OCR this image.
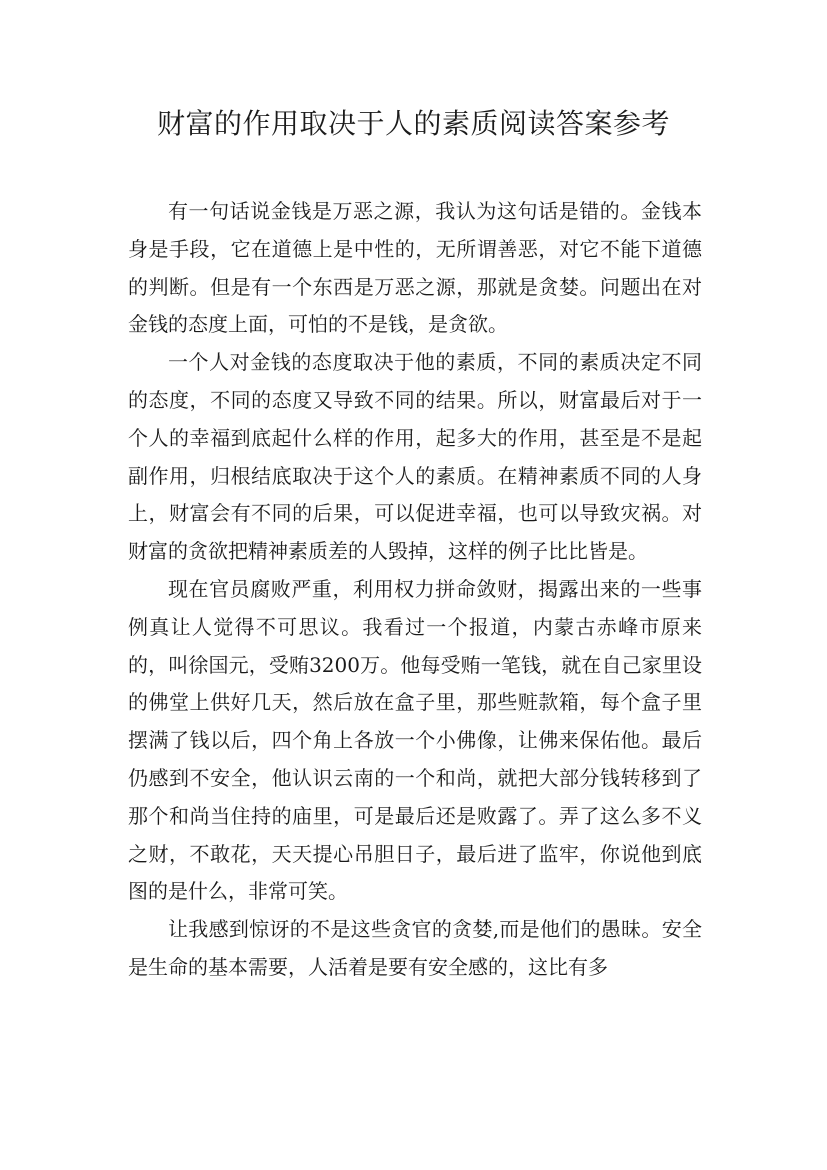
财富的作用取决于人的素质阅读答案参考

有一句话说金钱是万恶之源，我认为这句话是错的。金钱本身是手段，它在道德上是中性的，无所谓善恶，对它不能下道德的判断。但是有一个东西是万恶之源，那就是贪婪。问题出在对金钱的态度上面，可怕的不是钱，是贪欲。

一个人对金钱的态度取决于他的素质，不同的素质决定不同的态度，不同的态度又导致不同的结果。所以，财富最后对于一个人的幸福到底起什么样的作用，起多大的作用，甚至是不是起副作用，归根结底取决于这个人的素质。在精神素质不同的人身上，财富会有不同的后果，可以促进幸福，也可以导致灾祸。对财富的贪欲把精神素质差的人毁掉，这样的例子比比皆是。

现在官员腐败严重，利用权力拼命敛财，揭露出来的一些事例真让人觉得不可思议。我看过一个报道，内蒙古赤峰市原来的，叫徐国元，受贿3200万。他每受贿一笔钱，就在自己家里设的佛堂上供好几天，然后放在盒子里，那些赃款箱，每个盒子里摆满了钱以后，四个角上各放一个小佛像，让佛来保佑他。最后仍感到不安全，他认识云南的一个和尚，就把大部分钱转移到了那个和尚当住持的庙里，可是最后还是败露了。弄了这么多不义之财，不敢花，天天提心吊胆日子，最后进了监牢，你说他到底图的是什么，非常可笑。

让我感到惊讶的不是这些贪官的贪婪,而是他们的愚昧。安全是生命的基本需要，人活着是要有安全感的，这比有多
